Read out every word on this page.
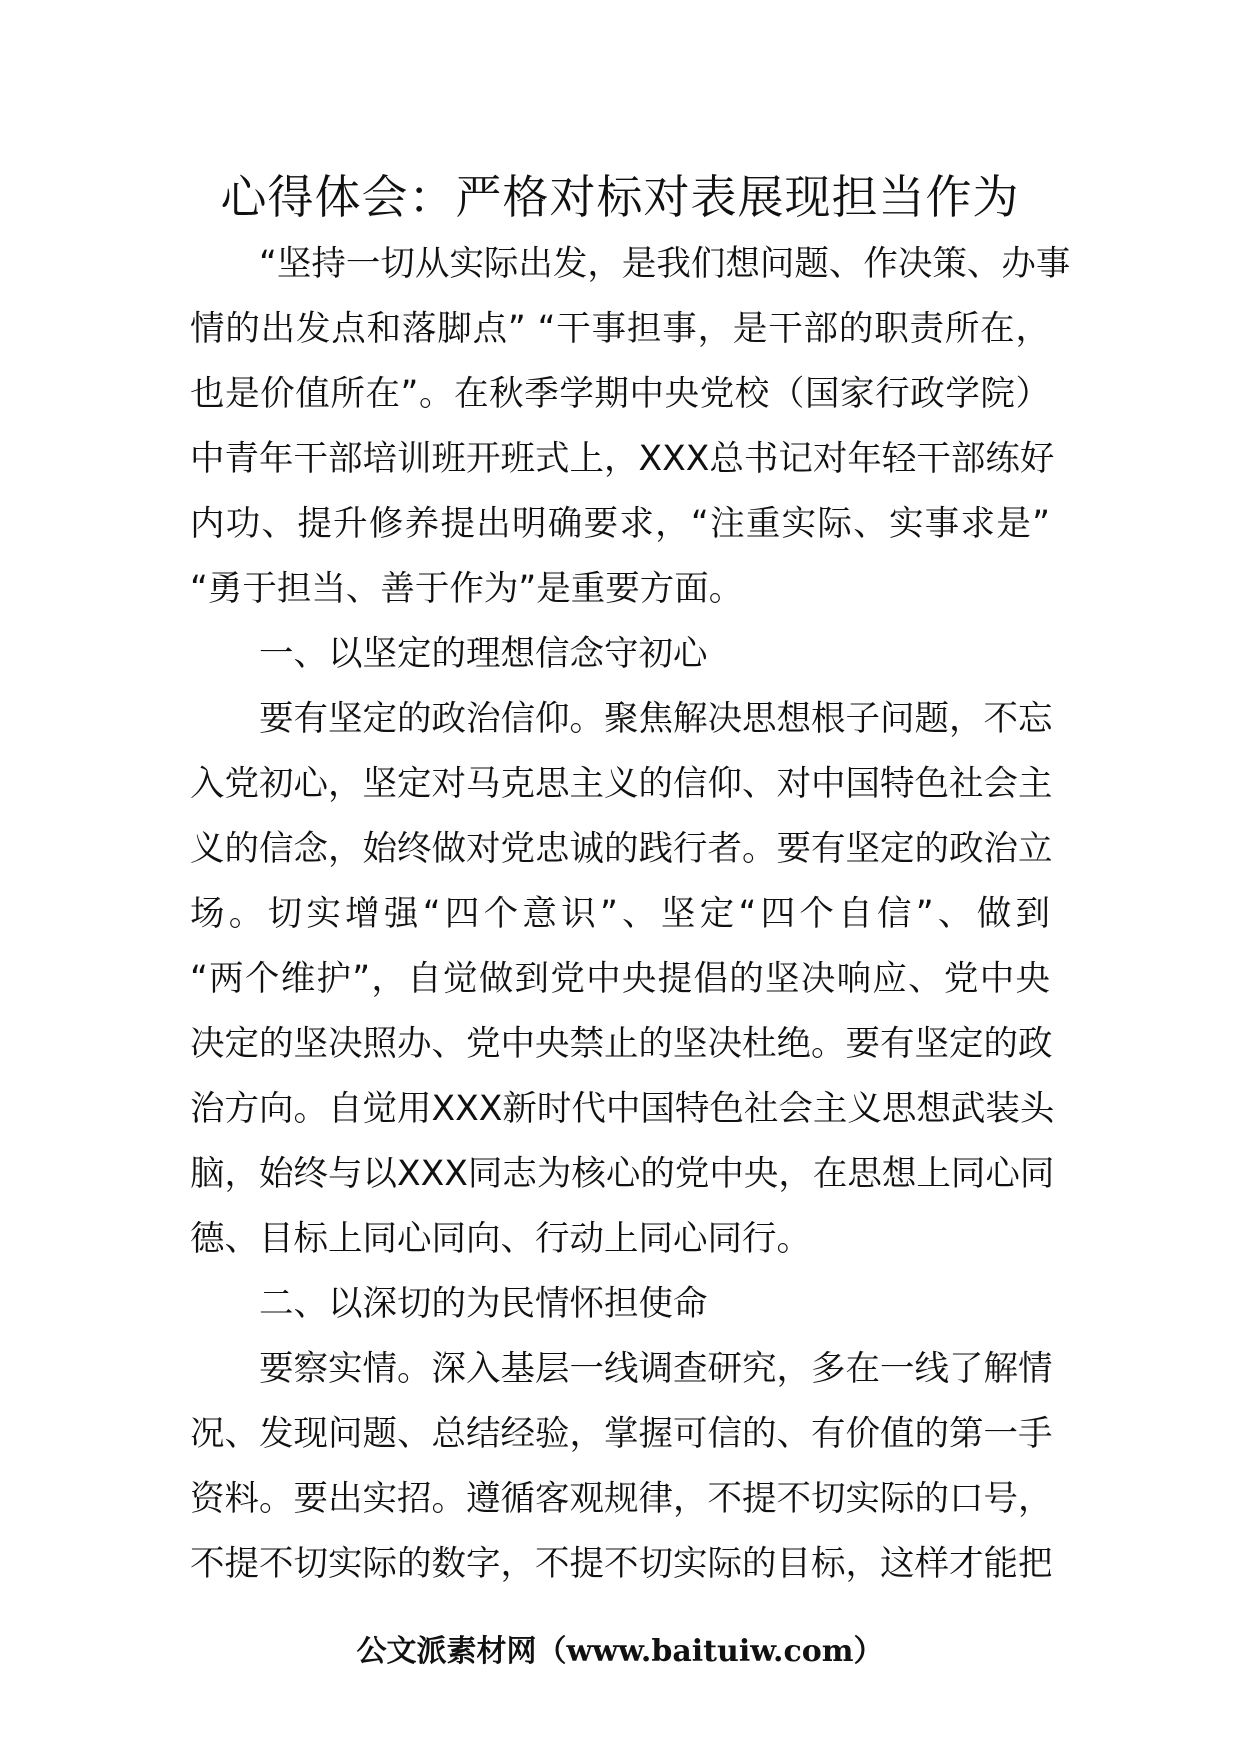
心得体会：严格对标对表展现担当作为
“坚持一切从实际出发，是我们想问题、作决策、办事
情的出发点和落脚点” “干事担事，是干部的职责所在，
也是价值所在”。在秋季学期中央党校（国家行政学院）
中青年干部培训班开班式上，XXX总书记对年轻干部练好
内功、提升修养提出明确要求，“注重实际、实事求是”
“勇于担当、善于作为”是重要方面。
一、以坚定的理想信念守初心
要有坚定的政治信仰。聚焦解决思想根子问题，不忘
入党初心，坚定对马克思主义的信仰、对中国特色社会主
义的信念，始终做对党忠诚的践行者。要有坚定的政治立
场。切实增强“四个意识”、坚定“四个自信”、做到
“两个维护”，自觉做到党中央提倡的坚决响应、党中央
决定的坚决照办、党中央禁止的坚决杜绝。要有坚定的政
治方向。自觉用XXX新时代中国特色社会主义思想武装头
脑，始终与以XXX同志为核心的党中央，在思想上同心同
德、目标上同心同向、行动上同心同行。
二、以深切的为民情怀担使命
要察实情。深入基层一线调查研究，多在一线了解情
况、发现问题、总结经验，掌握可信的、有价值的第一手
资料。要出实招。遵循客观规律，不提不切实际的口号，
不提不切实际的数字，不提不切实际的目标，这样才能把
公文派素材网（www.baituiw.com）
